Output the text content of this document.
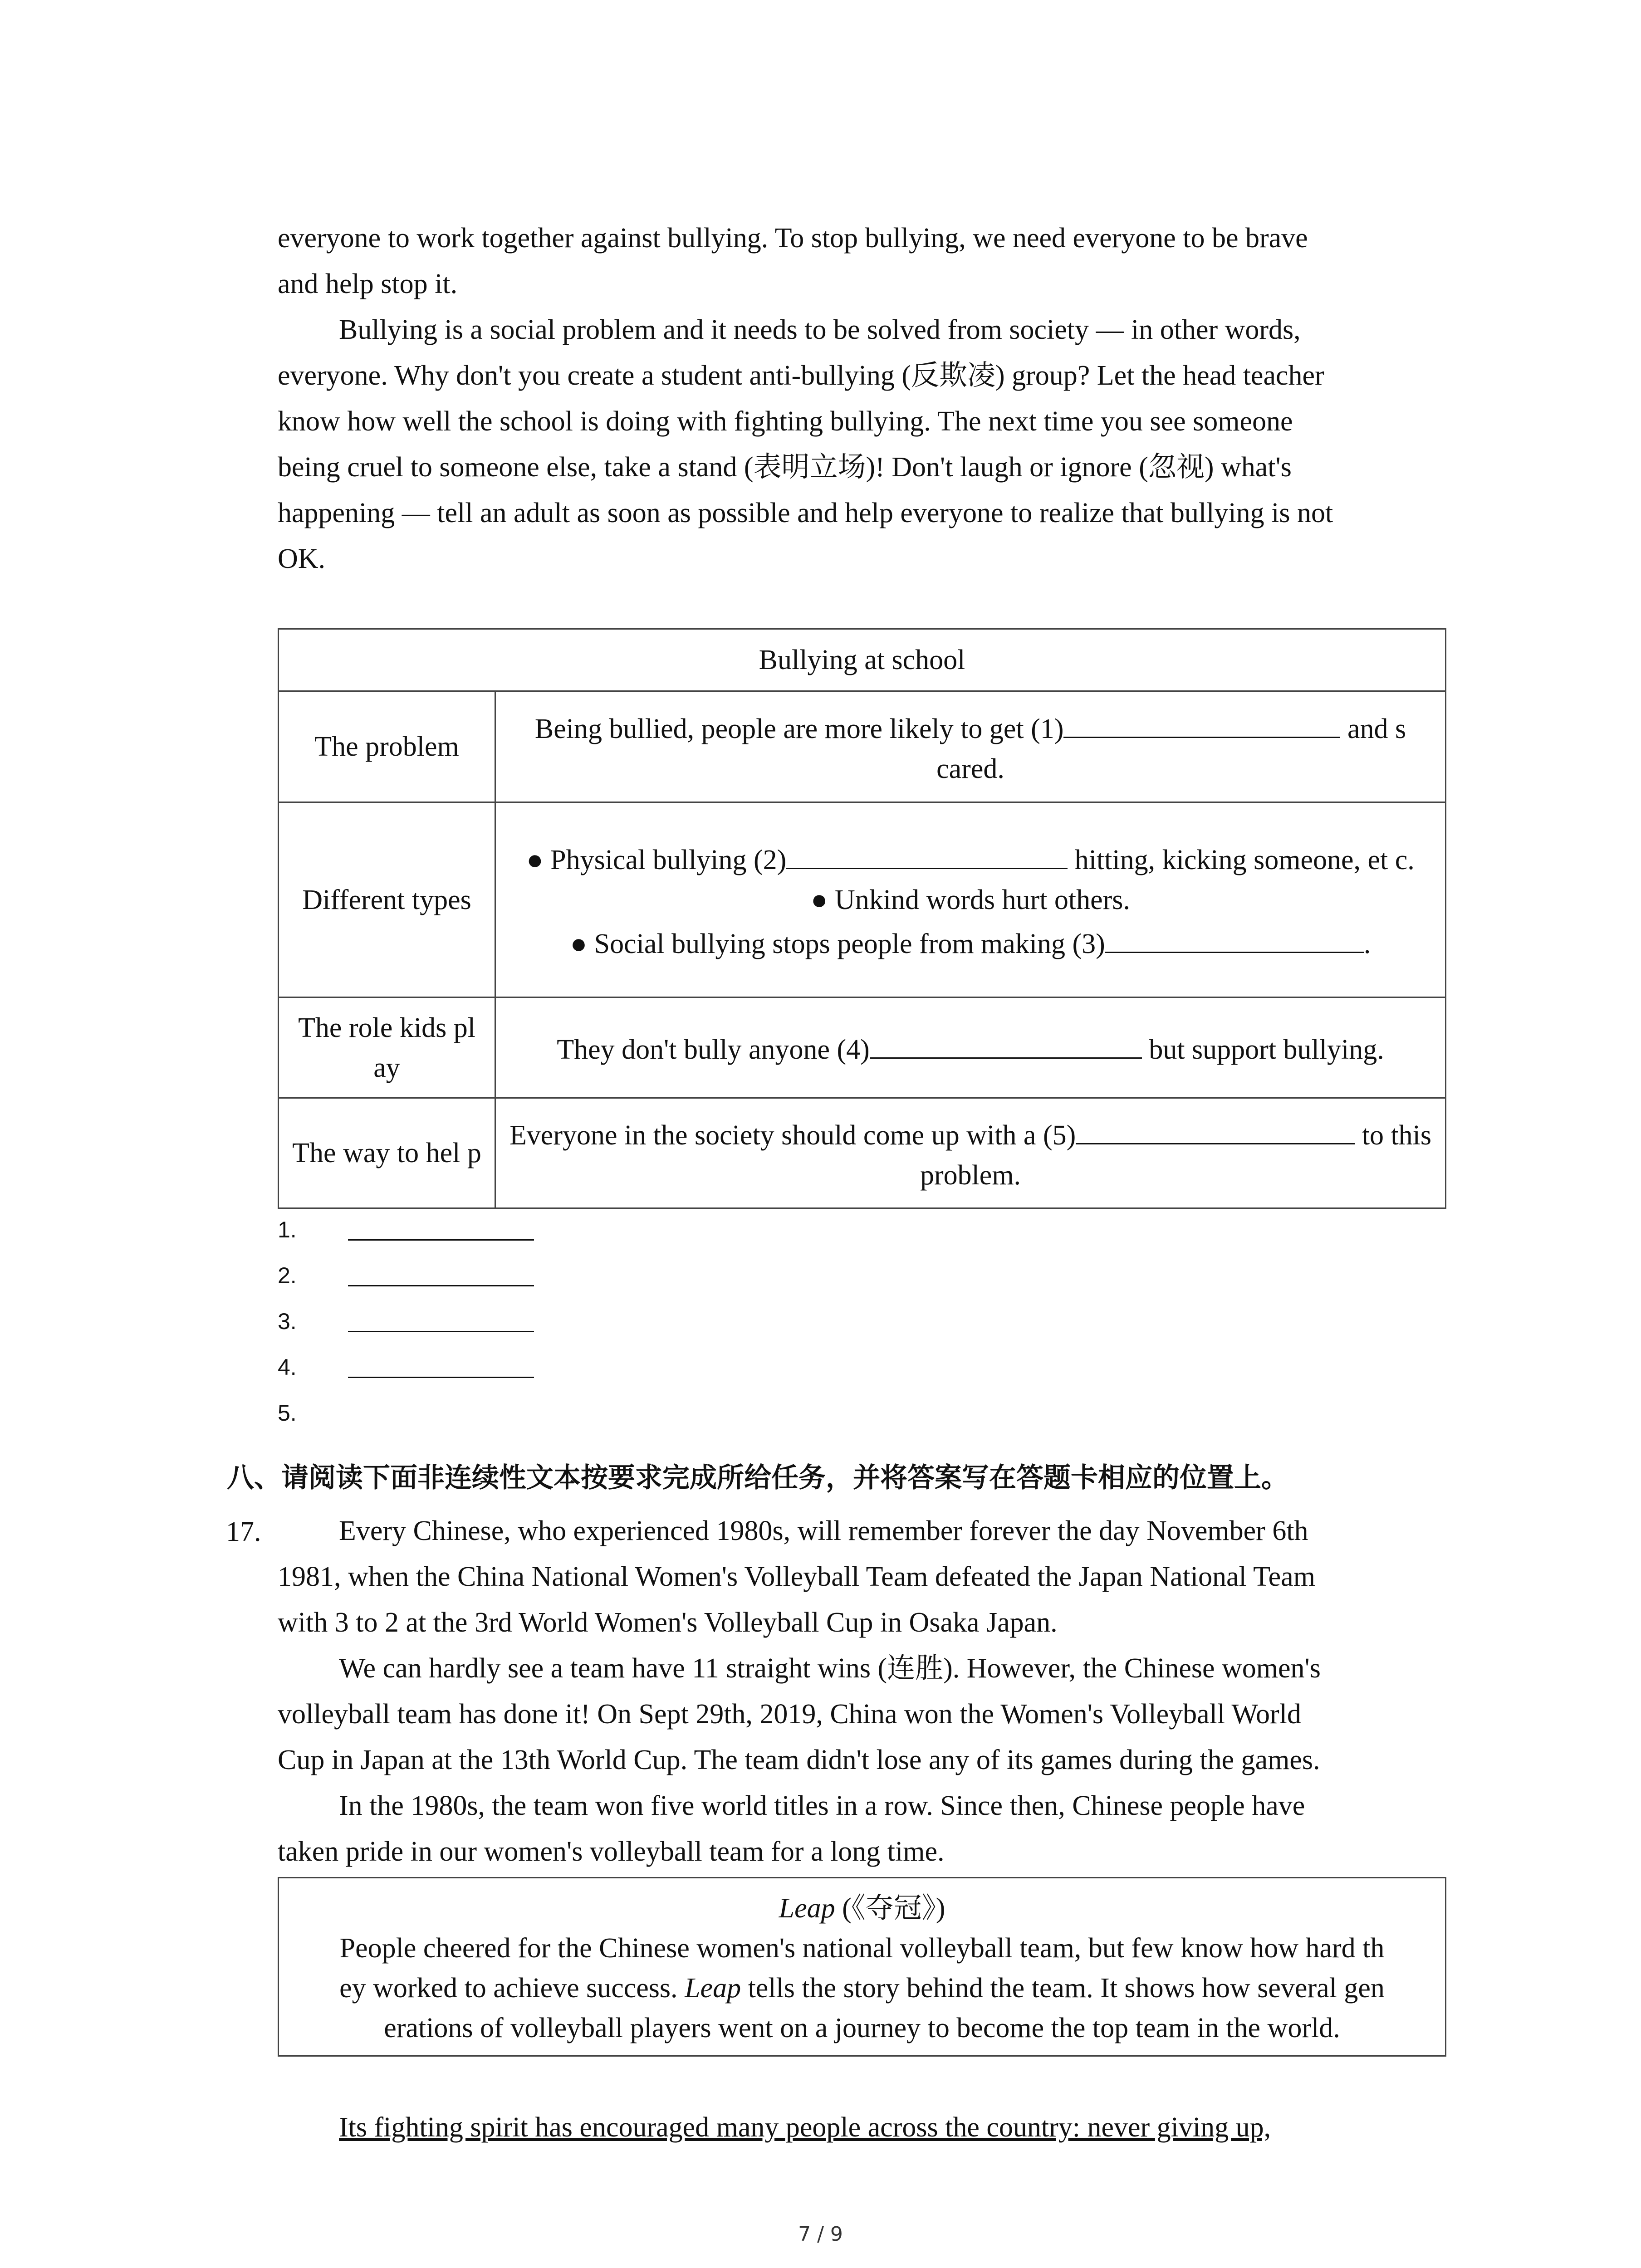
everyone to work together against bullying. To stop bullying, we need everyone to be brave
and help stop it.

Bullying is a social problem and it needs to be solved from society — in other words,
everyone. Why don't you create a student anti-bullying (反欺凌) group? Let the head teacher
know how well the school is doing with fighting bullying. The next time you see someone
being cruel to someone else, take a stand (表明立场)! Don't laugh or ignore (忽视) what's
happening — tell an adult as soon as possible and help everyone to realize that bullying is not
OK.

Bullying at school	
The problem	Being bullied, people are more likely to get (1) and s cared.
Different types	● Physical bullying (2) hitting, kicking someone, et c.
● Unkind words hurt others.
● Social bullying stops people from making (3) .

The role kids pl ay	They don't bully anyone (4) but support bullying.
The way to hel p	Everyone in the society should come up with a (5) to this problem.
1.
2.
3.
4.
5.
八、请阅读下面非连续性文本按要求完成所给任务，并将答案写在答题卡相应的位置上。
17.	Every Chinese, who experienced 1980s, will remember forever the day November 6th
1981, when the China National Women's Volleyball Team defeated the Japan National Team
with 3 to 2 at the 3rd World Women's Volleyball Cup in Osaka Japan.
We can hardly see a team have 11 straight wins (连胜). However, the Chinese women's
volleyball team has done it! On Sept 29th, 2019, China won the Women's Volleyball World
Cup in Japan at the 13th World Cup. The team didn't lose any of its games during the games.
In the 1980s, the team won five world titles in a row. Since then, Chinese people have
taken pride in our women's volleyball team for a long time.
Leap (《夺冠》)
People cheered for the Chinese women's national volleyball team, but few know how hard th
ey worked to achieve success. Leap tells the story behind the team. It shows how several gen
erations of volleyball players went on a journey to become the top team in the world.
Its fighting spirit has encouraged many people across the country: never giving up,
7 / 9
